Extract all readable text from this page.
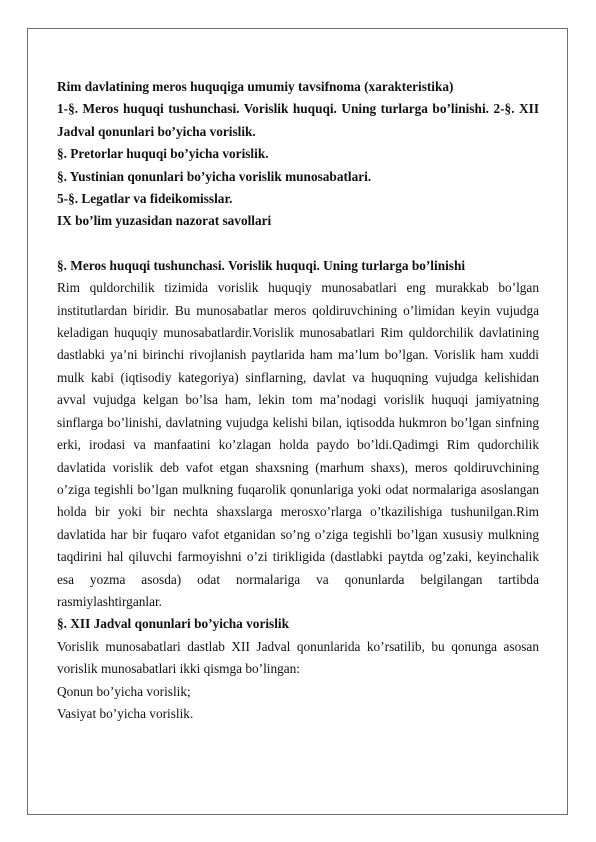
Rim davlatining meros huquqiga umumiy tavsifnoma (xarakteristika)

1-§. Meros huquqi tushunchasi. Vorislik huquqi. Uning turlarga bo’linishi. 2-§. XII Jadval qonunlari bo’yicha vorislik.

§. Pretorlar huquqi bo’yicha vorislik.

§. Yustinian qonunlari bo’yicha vorislik munosabatlari.

5-§. Legatlar va fideikomisslar.

IX bo’lim yuzasidan nazorat savollari

§. Meros huquqi tushunchasi. Vorislik huquqi. Uning turlarga bo’linishi

Rim quldorchilik tizimida vorislik huquqiy munosabatlari eng murakkab bo’lgan institutlardan biridir. Bu munosabatlar meros qoldiruvchining o’limidan keyin vujudga keladigan huquqiy munosabatlardir.Vorislik munosabatlari Rim quldorchilik davlatining dastlabki ya’ni birinchi rivojlanish paytlarida ham ma’lum bo’lgan. Vorislik ham xuddi mulk kabi (iqtisodiy kategoriya) sinflarning, davlat va huquqning vujudga kelishidan avval vujudga kelgan bo’lsa ham, lekin tom ma’nodagi vorislik huquqi jamiyatning sinflarga bo’linishi, davlatning vujudga kelishi bilan, iqtisodda hukmron bo’lgan sinfning erki, irodasi va manfaatini ko’zlagan holda paydo bo’ldi.Qadimgi Rim qudorchilik davlatida vorislik deb vafot etgan shaxsning (marhum shaxs), meros qoldiruvchining o’ziga tegishli bo’lgan mulkning fuqarolik qonunlariga yoki odat normalariga asoslangan holda bir yoki bir nechta shaxslarga merosxo’rlarga o’tkazilishiga tushunilgan.Rim davlatida har bir fuqaro vafot etganidan so’ng o’ziga tegishli bo’lgan xususiy mulkning taqdirini hal qiluvchi farmoyishni o’zi tirikligida (dastlabki paytda og’zaki, keyinchalik esa yozma asosda) odat normalariga va qonunlarda belgilangan tartibda rasmiylashtirganlar.

§. XII Jadval qonunlari bo’yicha vorislik

Vorislik munosabatlari dastlab XII Jadval qonunlarida ko’rsatilib, bu qonunga asosan vorislik munosabatlari ikki qismga bo’lingan:

Qonun bo’yicha vorislik;

Vasiyat bo’yicha vorislik.
